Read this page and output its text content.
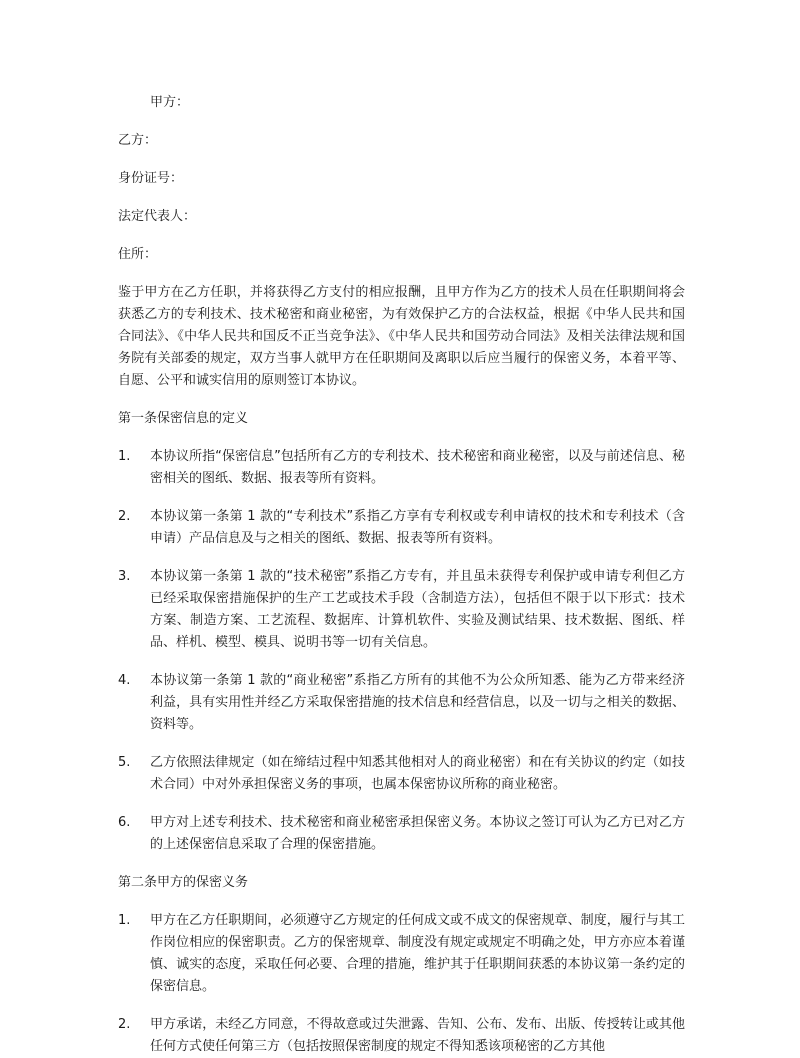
甲方：
乙方：
身份证号：
法定代表人：
住所：
鉴于甲方在乙方任职，并将获得乙方支付的相应报酬，且甲方作为乙方的技术人员在任职期间将会获悉乙方的专利技术、技术秘密和商业秘密，为有效保护乙方的合法权益，根据《中华人民共和国合同法》、《中华人民共和国反不正当竞争法》、《中华人民共和国劳动合同法》及相关法律法规和国务院有关部委的规定，双方当事人就甲方在任职期间及离职以后应当履行的保密义务，本着平等、自愿、公平和诚实信用的原则签订本协议。
第一条保密信息的定义
1.	本协议所指“保密信息”包括所有乙方的专利技术、技术秘密和商业秘密，以及与前述信息、秘密相关的图纸、数据、报表等所有资料。
2.	本协议第一条第 1 款的“专利技术”系指乙方享有专利权或专利申请权的技术和专利技术（含申请）产品信息及与之相关的图纸、数据、报表等所有资料。
3.	本协议第一条第 1 款的“技术秘密”系指乙方专有，并且虽未获得专利保护或申请专利但乙方已经采取保密措施保护的生产工艺或技术手段（含制造方法），包括但不限于以下形式：技术方案、制造方案、工艺流程、数据库、计算机软件、实验及测试结果、技术数据、图纸、样品、样机、模型、模具、说明书等一切有关信息。
4.	本协议第一条第 1 款的“商业秘密”系指乙方所有的其他不为公众所知悉、能为乙方带来经济利益，具有实用性并经乙方采取保密措施的技术信息和经营信息，以及一切与之相关的数据、资料等。
5.	乙方依照法律规定（如在缔结过程中知悉其他相对人的商业秘密）和在有关协议的约定（如技术合同）中对外承担保密义务的事项，也属本保密协议所称的商业秘密。
6.	甲方对上述专利技术、技术秘密和商业秘密承担保密义务。本协议之签订可认为乙方已对乙方的上述保密信息采取了合理的保密措施。
第二条甲方的保密义务
1.	甲方在乙方任职期间，必须遵守乙方规定的任何成文或不成文的保密规章、制度，履行与其工作岗位相应的保密职责。乙方的保密规章、制度没有规定或规定不明确之处，甲方亦应本着谨慎、诚实的态度，采取任何必要、合理的措施，维护其于任职期间获悉的本协议第一条约定的保密信息。
2.	甲方承诺，未经乙方同意，不得故意或过失泄露、告知、公布、发布、出版、传授转让或其他任何方式使任何第三方（包括按照保密制度的规定不得知悉该项秘密的乙方其他
